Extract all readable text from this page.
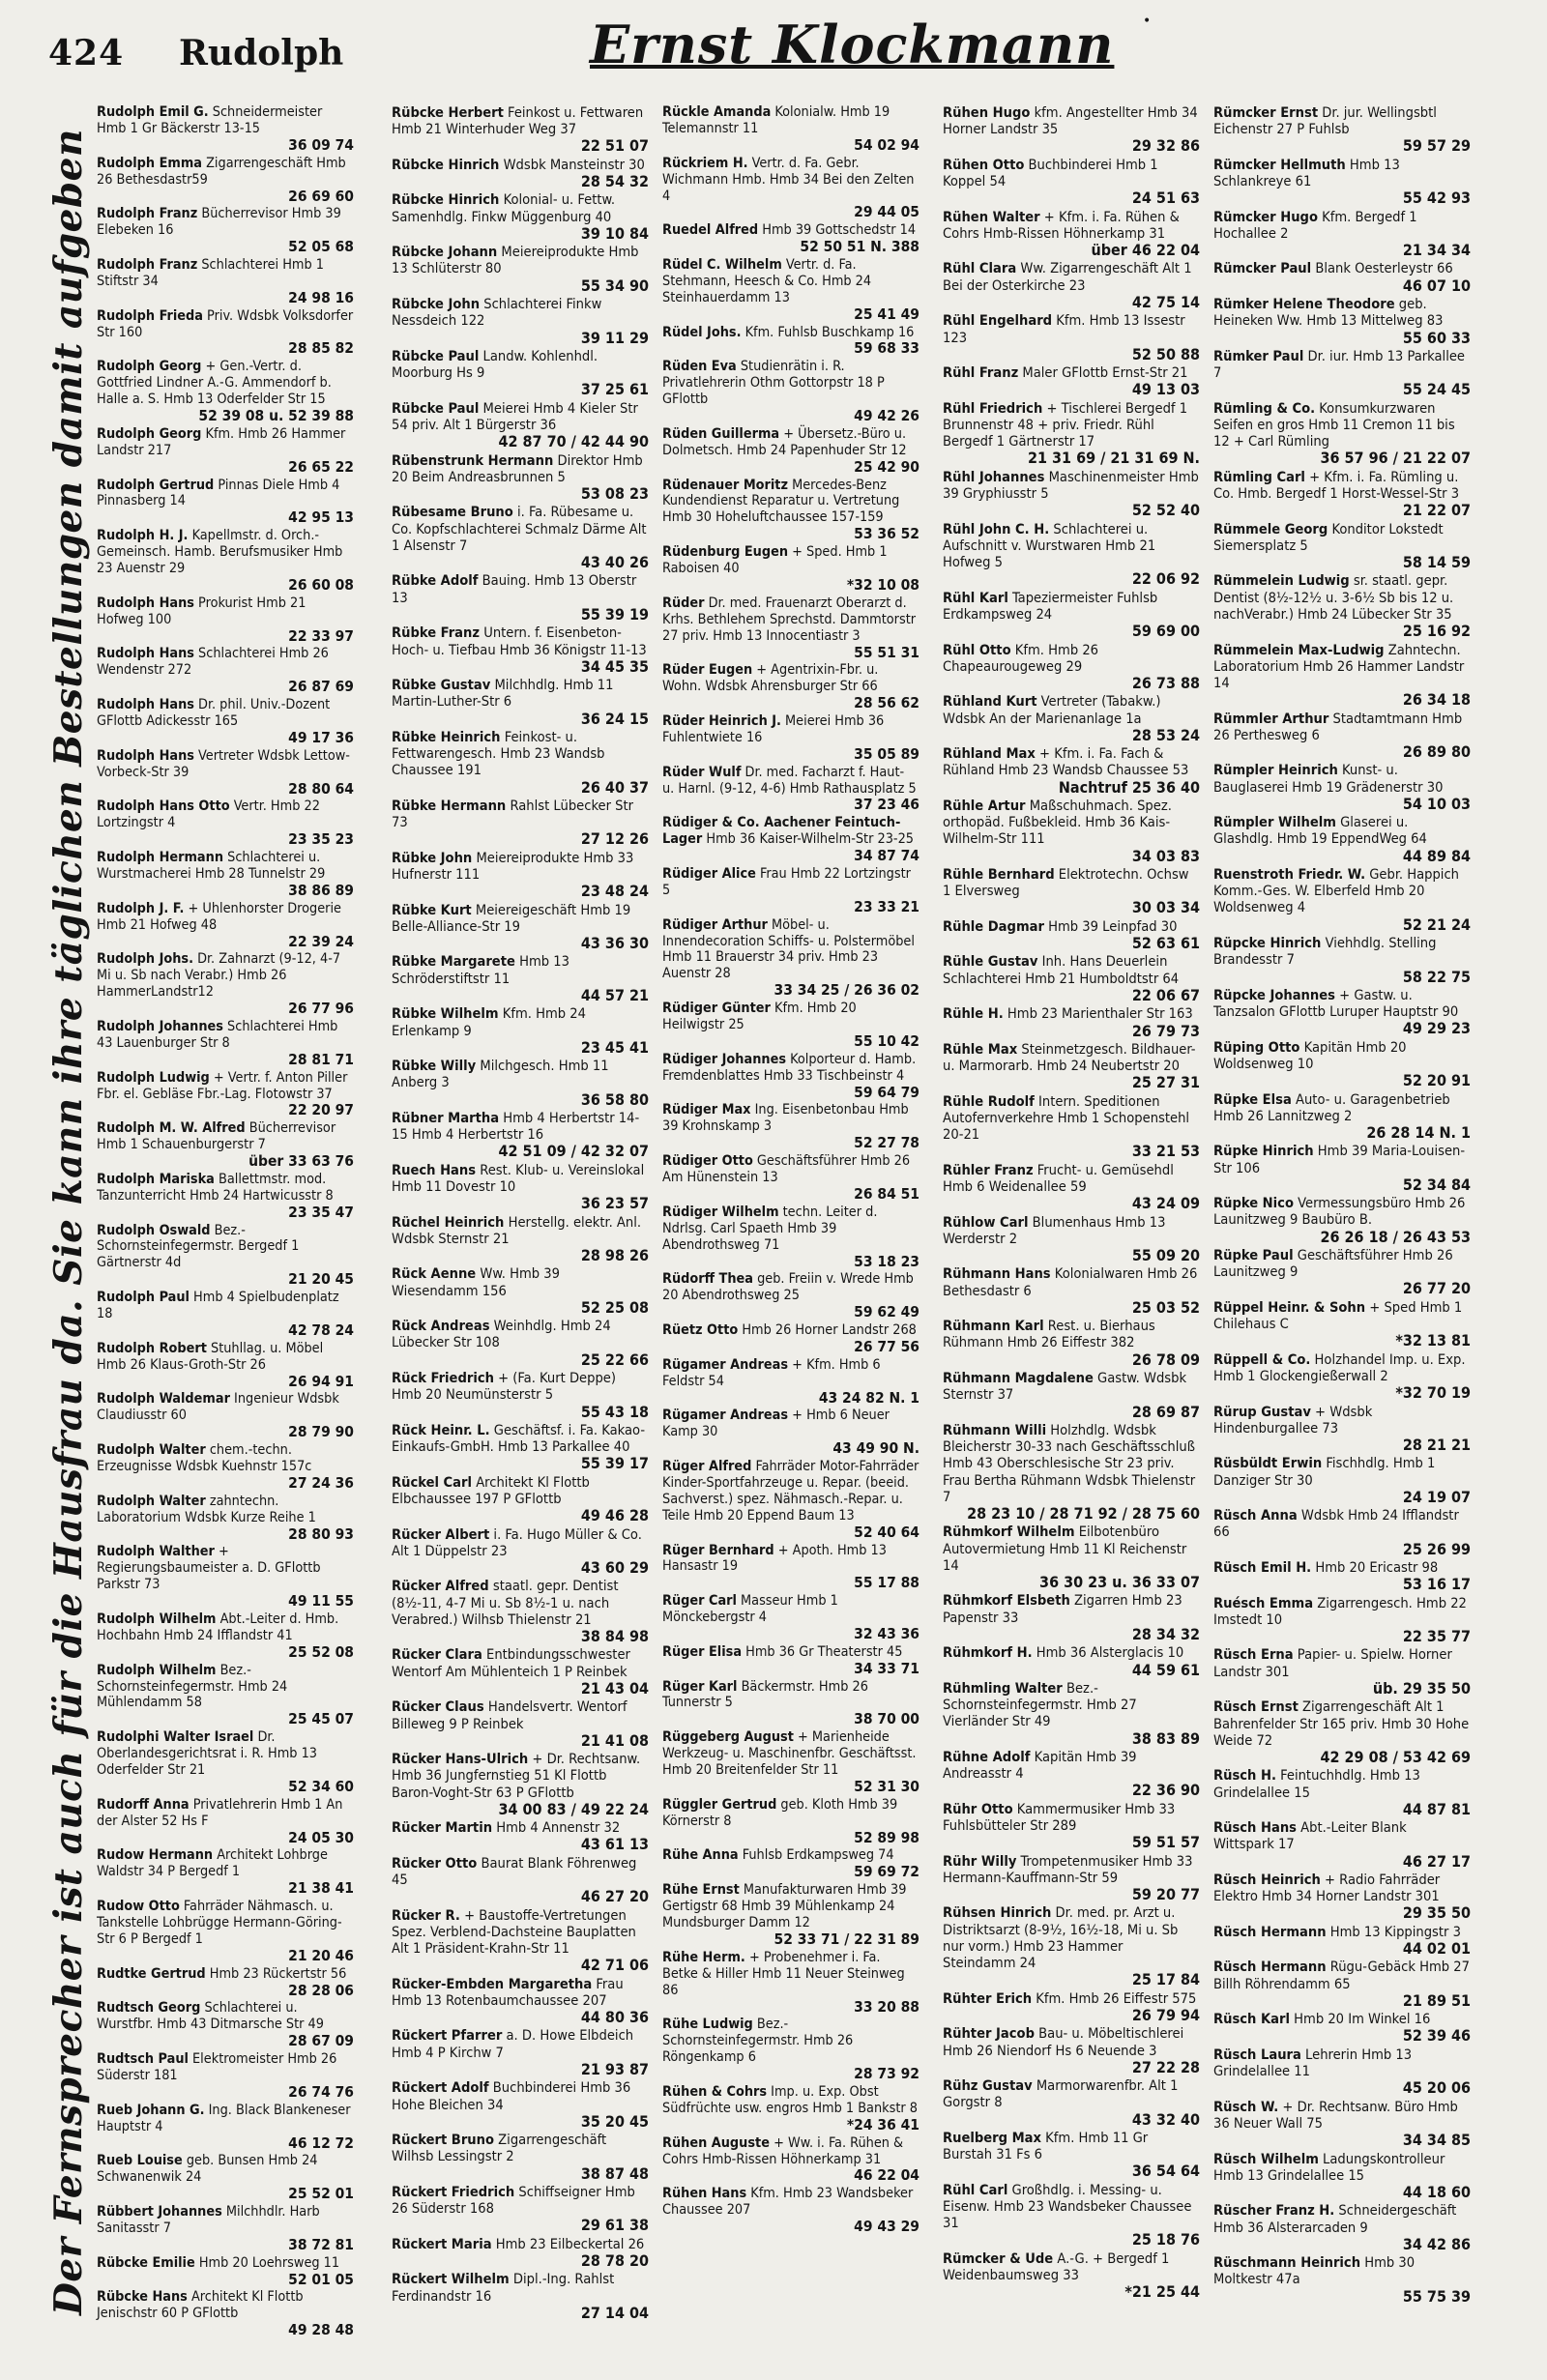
424 Rudolph	Ernst Klockmann •
Der Fernsprecher ist auch für die Hausfrau da. Sie kann ihre täglichen Bestellungen damit aufgeben
Rudolph Emil G. Schneidermeister Hmb 1 Gr Bäckerstr 13-15
36 09 74
Rudolph Emma Zigarrengeschäft Hmb 26 Bethesdastr59
26 69 60
Rudolph Franz Bücherrevisor Hmb 39 Elebeken 16
52 05 68
Rudolph Franz Schlachterei Hmb 1 Stiftstr 34
24 98 16
Rudolph Frieda Priv. Wdsbk Volksdorfer Str 160
28 85 82
Rudolph Georg + Gen.-Vertr. d. Gottfried Lindner A.-G. Ammendorf b. Halle a. S. Hmb 13 Oderfelder Str 15
52 39 08 u. 52 39 88
Rudolph Georg Kfm. Hmb 26 Hammer Landstr 217
26 65 22
Rudolph Gertrud Pinnas Diele Hmb 4 Pinnasberg 14
42 95 13
Rudolph H. J. Kapellmstr. d. Orch.-Gemeinsch. Hamb. Berufsmusiker Hmb 23 Auenstr 29
26 60 08
Rudolph Hans Prokurist Hmb 21 Hofweg 100
22 33 97
Rudolph Hans Schlachterei Hmb 26 Wendenstr 272
26 87 69
Rudolph Hans Dr. phil. Univ.-Dozent GFlottb Adickesstr 165
49 17 36
Rudolph Hans Vertreter Wdsbk Lettow-Vorbeck-Str 39
28 80 64
Rudolph Hans Otto Vertr. Hmb 22 Lortzingstr 4
23 35 23
Rudolph Hermann Schlachterei u. Wurstmacherei Hmb 28 Tunnelstr 29
38 86 89
Rudolph J. F. + Uhlenhorster Drogerie Hmb 21 Hofweg 48
22 39 24
Rudolph Johs. Dr. Zahnarzt (9-12, 4-7 Mi u. Sb nach Verabr.) Hmb 26 HammerLandstr12
26 77 96
Rudolph Johannes Schlachterei Hmb 43 Lauenburger Str 8
28 81 71
Rudolph Ludwig + Vertr. f. Anton Piller Fbr. el. Gebläse Fbr.-Lag. Flotowstr 37
22 20 97
Rudolph M. W. Alfred Bücherrevisor Hmb 1 Schauenburgerstr 7
über 33 63 76
Rudolph Mariska Ballettmstr. mod. Tanzunterricht Hmb 24 Hartwicusstr 8
23 35 47
Rudolph Oswald Bez.-Schornsteinfegermstr. Bergedf 1 Gärtnerstr 4d
21 20 45
Rudolph Paul Hmb 4 Spielbudenplatz 18
42 78 24
Rudolph Robert Stuhllag. u. Möbel Hmb 26 Klaus-Groth-Str 26
26 94 91
Rudolph Waldemar Ingenieur Wdsbk Claudiusstr 60
28 79 90
Rudolph Walter chem.-techn. Erzeugnisse Wdsbk Kuehnstr 157c
27 24 36
Rudolph Walter zahntechn. Laboratorium Wdsbk Kurze Reihe 1
28 80 93
Rudolph Walther + Regierungsbaumeister a. D. GFlottb Parkstr 73
49 11 55
Rudolph Wilhelm Abt.-Leiter d. Hmb. Hochbahn Hmb 24 Ifflandstr 41
25 52 08
Rudolph Wilhelm Bez.-Schornsteinfegermstr. Hmb 24 Mühlendamm 58
25 45 07
Rudolphi Walter Israel Dr. Oberlandesgerichtsrat i. R. Hmb 13 Oderfelder Str 21
52 34 60
Rudorff Anna Privatlehrerin Hmb 1 An der Alster 52 Hs F
24 05 30
Rudow Hermann Architekt Lohbrge Waldstr 34 P Bergedf 1
21 38 41
Rudow Otto Fahrräder Nähmasch. u. Tankstelle Lohbrügge Hermann-Göring-Str 6 P Bergedf 1
21 20 46
Rudtke Gertrud Hmb 23 Rückertstr 56
28 28 06
Rudtsch Georg Schlachterei u. Wurstfbr. Hmb 43 Ditmarsche Str 49
28 67 09
Rudtsch Paul Elektromeister Hmb 26 Süderstr 181
26 74 76
Rueb Johann G. Ing. Black Blankeneser Hauptstr 4
46 12 72
Rueb Louise geb. Bunsen Hmb 24 Schwanenwik 24
25 52 01
Rübbert Johannes Milchhdlr. Harb Sanitasstr 7
38 72 81
Rübcke Emilie Hmb 20 Loehrsweg 11
52 01 05
Rübcke Hans Architekt Kl Flottb Jenischstr 60 P GFlottb
49 28 48
Rübcke Herbert Feinkost u. Fettwaren Hmb 21 Winterhuder Weg 37
22 51 07
Rübcke Hinrich Wdsbk Mansteinstr 30
28 54 32
Rübcke Hinrich Kolonial- u. Fettw. Samenhdlg. Finkw Müggenburg 40
39 10 84
Rübcke Johann Meiereiprodukte Hmb 13 Schlüterstr 80
55 34 90
Rübcke John Schlachterei Finkw Nessdeich 122
39 11 29
Rübcke Paul Landw. Kohlenhdl. Moorburg Hs 9
37 25 61
Rübcke Paul Meierei Hmb 4 Kieler Str 54 priv. Alt 1 Bürgerstr 36
42 87 70 / 42 44 90
Rübenstrunk Hermann Direktor Hmb 20 Beim Andreasbrunnen 5
53 08 23
Rübesame Bruno i. Fa. Rübesame u. Co. Kopfschlachterei Schmalz Därme Alt 1 Alsenstr 7
43 40 26
Rübke Adolf Bauing. Hmb 13 Oberstr 13
55 39 19
Rübke Franz Untern. f. Eisenbeton- Hoch- u. Tiefbau Hmb 36 Königstr 11-13
34 45 35
Rübke Gustav Milchhdlg. Hmb 11 Martin-Luther-Str 6
36 24 15
Rübke Heinrich Feinkost- u. Fettwarengesch. Hmb 23 Wandsb Chaussee 191
26 40 37
Rübke Hermann Rahlst Lübecker Str 73
27 12 26
Rübke John Meiereiprodukte Hmb 33 Hufnerstr 111
23 48 24
Rübke Kurt Meiereigeschäft Hmb 19 Belle-Alliance-Str 19
43 36 30
Rübke Margarete Hmb 13 Schröderstiftstr 11
44 57 21
Rübke Wilhelm Kfm. Hmb 24 Erlenkamp 9
23 45 41
Rübke Willy Milchgesch. Hmb 11 Anberg 3
36 58 80
Rübner Martha Hmb 4 Herbertstr 14-15 Hmb 4 Herbertstr 16
42 51 09 / 42 32 07
Ruech Hans Rest. Klub- u. Vereinslokal Hmb 11 Dovestr 10
36 23 57
Rüchel Heinrich Herstellg. elektr. Anl. Wdsbk Sternstr 21
28 98 26
Rück Aenne Ww. Hmb 39 Wiesendamm 156
52 25 08
Rück Andreas Weinhdlg. Hmb 24 Lübecker Str 108
25 22 66
Rück Friedrich + (Fa. Kurt Deppe) Hmb 20 Neumünsterstr 5
55 43 18
Rück Heinr. L. Geschäftsf. i. Fa. Kakao-Einkaufs-GmbH. Hmb 13 Parkallee 40
55 39 17
Rückel Carl Architekt Kl Flottb Elbchaussee 197 P GFlottb
49 46 28
Rücker Albert i. Fa. Hugo Müller & Co. Alt 1 Düppelstr 23
43 60 29
Rücker Alfred staatl. gepr. Dentist (8½-11, 4-7 Mi u. Sb 8½-1 u. nach Verabred.) Wilhsb Thielenstr 21
38 84 98
Rücker Clara Entbindungsschwester Wentorf Am Mühlenteich 1 P Reinbek
21 43 04
Rücker Claus Handelsvertr. Wentorf Billeweg 9 P Reinbek
21 41 08
Rücker Hans-Ulrich + Dr. Rechtsanw. Hmb 36 Jungfernstieg 51 Kl Flottb Baron-Voght-Str 63 P GFlottb
34 00 83 / 49 22 24
Rücker Martin Hmb 4 Annenstr 32
43 61 13
Rücker Otto Baurat Blank Föhrenweg 45
46 27 20
Rücker R. + Baustoffe-Vertretungen Spez. Verblend-Dachsteine Bauplatten Alt 1 Präsident-Krahn-Str 11
42 71 06
Rücker-Embden Margaretha Frau Hmb 13 Rotenbaumchaussee 207
44 80 36
Rückert Pfarrer a. D. Howe Elbdeich Hmb 4 P Kirchw 7
21 93 87
Rückert Adolf Buchbinderei Hmb 36 Hohe Bleichen 34
35 20 45
Rückert Bruno Zigarrengeschäft Wilhsb Lessingstr 2
38 87 48
Rückert Friedrich Schiffseigner Hmb 26 Süderstr 168
29 61 38
Rückert Maria Hmb 23 Eilbeckertal 26
28 78 20
Rückert Wilhelm Dipl.-Ing. Rahlst Ferdinandstr 16
27 14 04
Rückle Amanda Kolonialw. Hmb 19 Telemannstr 11
54 02 94
Rückriem H. Vertr. d. Fa. Gebr. Wichmann Hmb. Hmb 34 Bei den Zelten 4
29 44 05
Ruedel Alfred Hmb 39 Gottschedstr 14
52 50 51 N. 388
Rüdel C. Wilhelm Vertr. d. Fa. Stehmann, Heesch & Co. Hmb 24 Steinhauerdamm 13
25 41 49
Rüdel Johs. Kfm. Fuhlsb Buschkamp 16
59 68 33
Rüden Eva Studienrätin i. R. Privatlehrerin Othm Gottorpstr 18 P GFlottb
49 42 26
Rüden Guillerma + Übersetz.-Büro u. Dolmetsch. Hmb 24 Papenhuder Str 12
25 42 90
Rüdenauer Moritz Mercedes-Benz Kundendienst Reparatur u. Vertretung Hmb 30 Hoheluftchaussee 157-159
53 36 52
Rüdenburg Eugen + Sped. Hmb 1 Raboisen 40
*32 10 08
Rüder Dr. med. Frauenarzt Oberarzt d. Krhs. Bethlehem Sprechstd. Dammtorstr 27 priv. Hmb 13 Innocentiastr 3
55 51 31
Rüder Eugen + Agentrixin-Fbr. u. Wohn. Wdsbk Ahrensburger Str 66
28 56 62
Rüder Heinrich J. Meierei Hmb 36 Fuhlentwiete 16
35 05 89
Rüder Wulf Dr. med. Facharzt f. Haut- u. Harnl. (9-12, 4-6) Hmb Rathausplatz 5
37 23 46
Rüdiger & Co. Aachener Feintuch-Lager Hmb 36 Kaiser-Wilhelm-Str 23-25
34 87 74
Rüdiger Alice Frau Hmb 22 Lortzingstr 5
23 33 21
Rüdiger Arthur Möbel- u. Innendecoration Schiffs- u. Polstermöbel Hmb 11 Brauerstr 34 priv. Hmb 23 Auenstr 28
33 34 25 / 26 36 02
Rüdiger Günter Kfm. Hmb 20 Heilwigstr 25
55 10 42
Rüdiger Johannes Kolporteur d. Hamb. Fremdenblattes Hmb 33 Tischbeinstr 4
59 64 79
Rüdiger Max Ing. Eisenbetonbau Hmb 39 Krohnskamp 3
52 27 78
Rüdiger Otto Geschäftsführer Hmb 26 Am Hünenstein 13
26 84 51
Rüdiger Wilhelm techn. Leiter d. Ndrlsg. Carl Spaeth Hmb 39 Abendrothsweg 71
53 18 23
Rüdorff Thea geb. Freiin v. Wrede Hmb 20 Abendrothsweg 25
59 62 49
Rüetz Otto Hmb 26 Horner Landstr 268
26 77 56
Rügamer Andreas + Kfm. Hmb 6 Feldstr 54
43 24 82 N. 1
Rügamer Andreas + Hmb 6 Neuer Kamp 30
43 49 90 N.
Rüger Alfred Fahrräder Motor-Fahrräder Kinder-Sportfahrzeuge u. Repar. (beeid. Sachverst.) spez. Nähmasch.-Repar. u. Teile Hmb 20 Eppend Baum 13
52 40 64
Rüger Bernhard + Apoth. Hmb 13 Hansastr 19
55 17 88
Rüger Carl Masseur Hmb 1 Mönckebergstr 4
32 43 36
Rüger Elisa Hmb 36 Gr Theaterstr 45
34 33 71
Rüger Karl Bäckermstr. Hmb 26 Tunnerstr 5
38 70 00
Rüggeberg August + Marienheide Werkzeug- u. Maschinenfbr. Geschäftsst. Hmb 20 Breitenfelder Str 11
52 31 30
Rüggler Gertrud geb. Kloth Hmb 39 Körnerstr 8
52 89 98
Rühe Anna Fuhlsb Erdkampsweg 74
59 69 72
Rühe Ernst Manufakturwaren Hmb 39 Gertigstr 68 Hmb 39 Mühlenkamp 24 Mundsburger Damm 12
52 33 71 / 22 31 89
Rühe Herm. + Probenehmer i. Fa. Betke & Hiller Hmb 11 Neuer Steinweg 86
33 20 88
Rühe Ludwig Bez.-Schornsteinfegermstr. Hmb 26 Röngenkamp 6
28 73 92
Rühen & Cohrs Imp. u. Exp. Obst Südfrüchte usw. engros Hmb 1 Bankstr 8
*24 36 41
Rühen Auguste + Ww. i. Fa. Rühen & Cohrs Hmb-Rissen Höhnerkamp 31
46 22 04
Rühen Hans Kfm. Hmb 23 Wandsbeker Chaussee 207
49 43 29
Rühen Hugo kfm. Angestellter Hmb 34 Horner Landstr 35
29 32 86
Rühen Otto Buchbinderei Hmb 1 Koppel 54
24 51 63
Rühen Walter + Kfm. i. Fa. Rühen & Cohrs Hmb-Rissen Höhnerkamp 31
über 46 22 04
Rühl Clara Ww. Zigarrengeschäft Alt 1 Bei der Osterkirche 23
42 75 14
Rühl Engelhard Kfm. Hmb 13 Issestr 123
52 50 88
Rühl Franz Maler GFlottb Ernst-Str 21
49 13 03
Rühl Friedrich + Tischlerei Bergedf 1 Brunnenstr 48 + priv. Friedr. Rühl Bergedf 1 Gärtnerstr 17
21 31 69 / 21 31 69 N.
Rühl Johannes Maschinenmeister Hmb 39 Gryphiusstr 5
52 52 40
Rühl John C. H. Schlachterei u. Aufschnitt v. Wurstwaren Hmb 21 Hofweg 5
22 06 92
Rühl Karl Tapeziermeister Fuhlsb Erdkampsweg 24
59 69 00
Rühl Otto Kfm. Hmb 26 Chapeaurougeweg 29
26 73 88
Rühland Kurt Vertreter (Tabakw.) Wdsbk An der Marienanlage 1a
28 53 24
Rühland Max + Kfm. i. Fa. Fach & Rühland Hmb 23 Wandsb Chaussee 53
Nachtruf 25 36 40
Rühle Artur Maßschuhmach. Spez. orthopäd. Fußbekleid. Hmb 36 Kais-Wilhelm-Str 111
34 03 83
Rühle Bernhard Elektrotechn. Ochsw 1 Elversweg
30 03 34
Rühle Dagmar Hmb 39 Leinpfad 30
52 63 61
Rühle Gustav Inh. Hans Deuerlein Schlachterei Hmb 21 Humboldtstr 64
22 06 67
Rühle H. Hmb 23 Marienthaler Str 163
26 79 73
Rühle Max Steinmetzgesch. Bildhauer- u. Marmorarb. Hmb 24 Neubertstr 20
25 27 31
Rühle Rudolf Intern. Speditionen Autofernverkehre Hmb 1 Schopenstehl 20-21
33 21 53
Rühler Franz Frucht- u. Gemüsehdl Hmb 6 Weidenallee 59
43 24 09
Rühlow Carl Blumenhaus Hmb 13 Werderstr 2
55 09 20
Rühmann Hans Kolonialwaren Hmb 26 Bethesdastr 6
25 03 52
Rühmann Karl Rest. u. Bierhaus Rühmann Hmb 26 Eiffestr 382
26 78 09
Rühmann Magdalene Gastw. Wdsbk Sternstr 37
28 69 87
Rühmann Willi Holzhdlg. Wdsbk Bleicherstr 30-33 nach Geschäftsschluß Hmb 43 Oberschlesische Str 23 priv. Frau Bertha Rühmann Wdsbk Thielenstr 7
28 23 10 / 28 71 92 / 28 75 60
Rühmkorf Wilhelm Eilbotenbüro Autovermietung Hmb 11 Kl Reichenstr 14
36 30 23 u. 36 33 07
Rühmkorf Elsbeth Zigarren Hmb 23 Papenstr 33
28 34 32
Rühmkorf H. Hmb 36 Alsterglacis 10
44 59 61
Rühmling Walter Bez.-Schornsteinfegermstr. Hmb 27 Vierländer Str 49
38 83 89
Rühne Adolf Kapitän Hmb 39 Andreasstr 4
22 36 90
Rühr Otto Kammermusiker Hmb 33 Fuhlsbütteler Str 289
59 51 57
Rühr Willy Trompetenmusiker Hmb 33 Hermann-Kauffmann-Str 59
59 20 77
Rühsen Hinrich Dr. med. pr. Arzt u. Distriktsarzt (8-9½, 16½-18, Mi u. Sb nur vorm.) Hmb 23 Hammer Steindamm 24
25 17 84
Rühter Erich Kfm. Hmb 26 Eiffestr 575
26 79 94
Rühter Jacob Bau- u. Möbeltischlerei Hmb 26 Niendorf Hs 6 Neuende 3
27 22 28
Rühz Gustav Marmorwarenfbr. Alt 1 Gorgstr 8
43 32 40
Ruelberg Max Kfm. Hmb 11 Gr Burstah 31 Fs 6
36 54 64
Rühl Carl Großhdlg. i. Messing- u. Eisenw. Hmb 23 Wandsbeker Chaussee 31
25 18 76
Rümcker & Ude A.-G. + Bergedf 1 Weidenbaumsweg 33
*21 25 44
Rümcker Ernst Dr. jur. Wellingsbtl Eichenstr 27 P Fuhlsb
59 57 29
Rümcker Hellmuth Hmb 13 Schlankreye 61
55 42 93
Rümcker Hugo Kfm. Bergedf 1 Hochallee 2
21 34 34
Rümcker Paul Blank Oesterleystr 66
46 07 10
Rümker Helene Theodore geb. Heineken Ww. Hmb 13 Mittelweg 83
55 60 33
Rümker Paul Dr. iur. Hmb 13 Parkallee 7
55 24 45
Rümling & Co. Konsumkurzwaren Seifen en gros Hmb 11 Cremon 11 bis 12 + Carl Rümling
36 57 96 / 21 22 07
Rümling Carl + Kfm. i. Fa. Rümling u. Co. Hmb. Bergedf 1 Horst-Wessel-Str 3
21 22 07
Rümmele Georg Konditor Lokstedt Siemersplatz 5
58 14 59
Rümmelein Ludwig sr. staatl. gepr. Dentist (8½-12½ u. 3-6½ Sb bis 12 u. nachVerabr.) Hmb 24 Lübecker Str 35
25 16 92
Rümmelein Max-Ludwig Zahntechn. Laboratorium Hmb 26 Hammer Landstr 14
26 34 18
Rümmler Arthur Stadtamtmann Hmb 26 Perthesweg 6
26 89 80
Rümpler Heinrich Kunst- u. Bauglaserei Hmb 19 Grädenerstr 30
54 10 03
Rümpler Wilhelm Glaserei u. Glashdlg. Hmb 19 EppendWeg 64
44 89 84
Ruenstroth Friedr. W. Gebr. Happich Komm.-Ges. W. Elberfeld Hmb 20 Woldsenweg 4
52 21 24
Rüpcke Hinrich Viehhdlg. Stelling Brandesstr 7
58 22 75
Rüpcke Johannes + Gastw. u. Tanzsalon GFlottb Luruper Hauptstr 90
49 29 23
Rüping Otto Kapitän Hmb 20 Woldsenweg 10
52 20 91
Rüpke Elsa Auto- u. Garagenbetrieb Hmb 26 Lannitzweg 2
26 28 14 N. 1
Rüpke Hinrich Hmb 39 Maria-Louisen-Str 106
52 34 84
Rüpke Nico Vermessungsbüro Hmb 26 Launitzweg 9 Baubüro B.
26 26 18 / 26 43 53
Rüpke Paul Geschäftsführer Hmb 26 Launitzweg 9
26 77 20
Rüppel Heinr. & Sohn + Sped Hmb 1 Chilehaus C
*32 13 81
Rüppell & Co. Holzhandel Imp. u. Exp. Hmb 1 Glockengießerwall 2
*32 70 19
Rürup Gustav + Wdsbk Hindenburgallee 73
28 21 21
Rüsbüldt Erwin Fischhdlg. Hmb 1 Danziger Str 30
24 19 07
Rüsch Anna Wdsbk Hmb 24 Ifflandstr 66
25 26 99
Rüsch Emil H. Hmb 20 Ericastr 98
53 16 17
Ruésch Emma Zigarrengesch. Hmb 22 Imstedt 10
22 35 77
Rüsch Erna Papier- u. Spielw. Horner Landstr 301
üb. 29 35 50
Rüsch Ernst Zigarrengeschäft Alt 1 Bahrenfelder Str 165 priv. Hmb 30 Hohe Weide 72
42 29 08 / 53 42 69
Rüsch H. Feintuchhdlg. Hmb 13 Grindelallee 15
44 87 81
Rüsch Hans Abt.-Leiter Blank Wittspark 17
46 27 17
Rüsch Heinrich + Radio Fahrräder Elektro Hmb 34 Horner Landstr 301
29 35 50
Rüsch Hermann Hmb 13 Kippingstr 3
44 02 01
Rüsch Hermann Rügu-Gebäck Hmb 27 Billh Röhrendamm 65
21 89 51
Rüsch Karl Hmb 20 Im Winkel 16
52 39 46
Rüsch Laura Lehrerin Hmb 13 Grindelallee 11
45 20 06
Rüsch W. + Dr. Rechtsanw. Büro Hmb 36 Neuer Wall 75
34 34 85
Rüsch Wilhelm Ladungskontrolleur Hmb 13 Grindelallee 15
44 18 60
Rüscher Franz H. Schneidergeschäft Hmb 36 Alsterarcaden 9
34 42 86
Rüschmann Heinrich Hmb 30 Moltkestr 47a
55 75 39
